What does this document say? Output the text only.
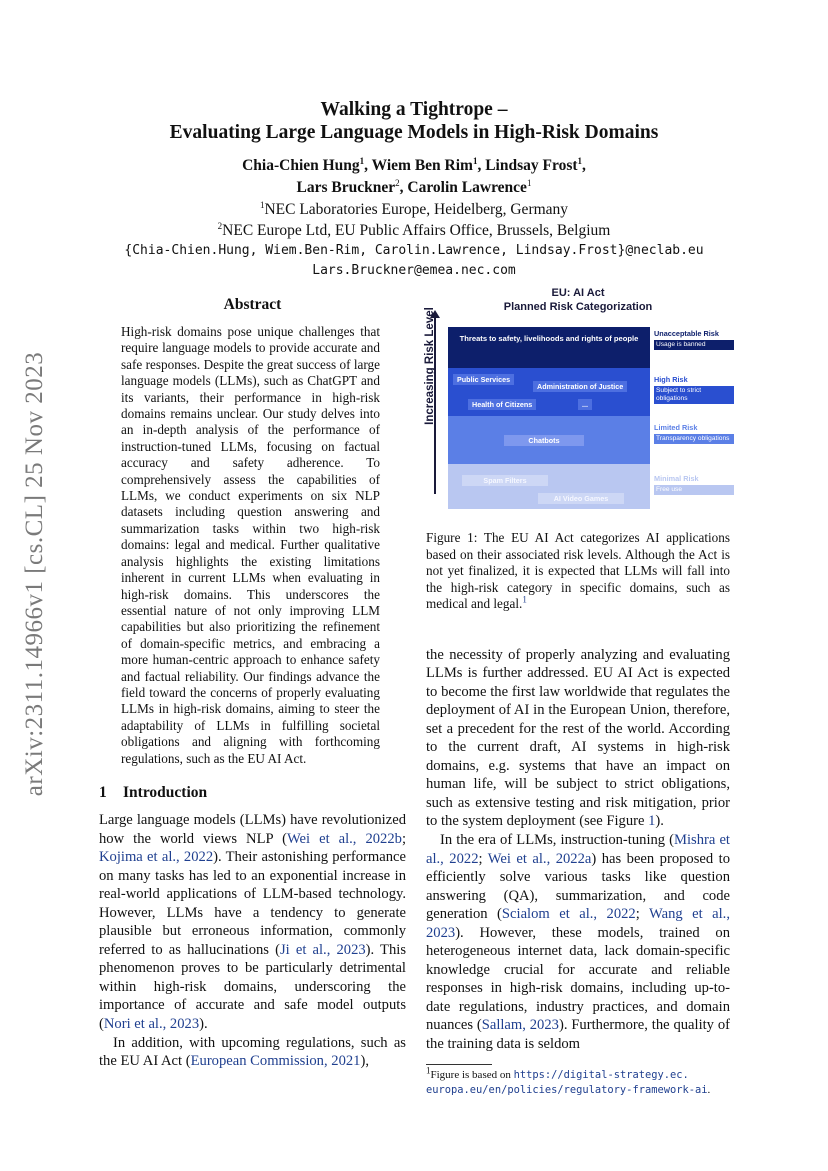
arXiv:2311.14966v1 [cs.CL] 25 Nov 2023
Walking a Tightrope –
Evaluating Large Language Models in High-Risk Domains
Chia-Chien Hung$^1$, Wiem Ben Rim$^1$, Lindsay Frost$^1$,
Lars Bruckner$^2$, Carolin Lawrence$^1$
$^1$NEC Laboratories Europe, Heidelberg, Germany
$^2$NEC Europe Ltd, EU Public Affairs Office, Brussels, Belgium
{Chia-Chien.Hung, Wiem.Ben-Rim, Carolin.Lawrence, Lindsay.Frost}@neclab.eu
Lars.Bruckner@emea.nec.com
Abstract
High-risk domains pose unique challenges that require language models to provide accurate and safe responses. Despite the great success of large language models (LLMs), such as ChatGPT and its variants, their performance in high-risk domains remains unclear. Our study delves into an in-depth analysis of the performance of instruction-tuned LLMs, focusing on factual accuracy and safety adherence. To comprehensively assess the capabilities of LLMs, we conduct experiments on six NLP datasets including question answering and summarization tasks within two high-risk domains: legal and medical. Further qualitative analysis highlights the existing limitations inherent in current LLMs when evaluating in high-risk domains. This underscores the essential nature of not only improving LLM capabilities but also prioritizing the refinement of domain-specific metrics, and embracing a more human-centric approach to enhance safety and factual reliability. Our findings advance the field toward the concerns of properly evaluating LLMs in high-risk domains, aiming to steer the adaptability of LLMs in fulfilling societal obligations and aligning with forthcoming regulations, such as the EU AI Act.
1 Introduction

Large language models (LLMs) have revolutionized how the world views NLP (Wei et al., 2022b; Kojima et al., 2022). Their astonishing performance on many tasks has led to an exponential increase in real-world applications of LLM-based technology. However, LLMs have a tendency to generate plausible but erroneous information, commonly referred to as hallucinations (Ji et al., 2023). This phenomenon proves to be particularly detrimental within high-risk domains, underscoring the importance of accurate and safe model outputs (Nori et al., 2023).

In addition, with upcoming regulations, such as the EU AI Act (European Commission, 2021),

EU: AI Act
Planned Risk Categorization
Increasing Risk Level	Threats to safety, livelihoods and rights of people
Public Services
Administration of Justice
Health of Citizens	...
Chatbots
Spam Filters
AI Video Games
Unacceptable Risk
Usage is banned
High Risk
Subject to strict obligations
Limited Risk
Transparency obligations
Minimal Risk
Free use
Figure 1: The EU AI Act categorizes AI applications based on their associated risk levels. Although the Act is not yet finalized, it is expected that LLMs will fall into the high-risk category in specific domains, such as medical and legal.$^1$

the necessity of properly analyzing and evaluating LLMs is further addressed. EU AI Act is expected to become the first law worldwide that regulates the deployment of AI in the European Union, therefore, set a precedent for the rest of the world. According to the current draft, AI systems in high-risk domains, e.g. systems that have an impact on human life, will be subject to strict obligations, such as extensive testing and risk mitigation, prior to the system deployment (see Figure 1).

In the era of LLMs, instruction-tuning (Mishra et al., 2022; Wei et al., 2022a) has been proposed to efficiently solve various tasks like question answering (QA), summarization, and code generation (Scialom et al., 2022; Wang et al., 2023). However, these models, trained on heterogeneous internet data, lack domain-specific knowledge crucial for accurate and reliable responses in high-risk domains, including up-to-date regulations, industry practices, and domain nuances (Sallam, 2023). Furthermore, the quality of the training data is seldom

$^1$Figure is based on https://digital-strategy.ec.
europa.eu/en/policies/regulatory-framework-ai.
